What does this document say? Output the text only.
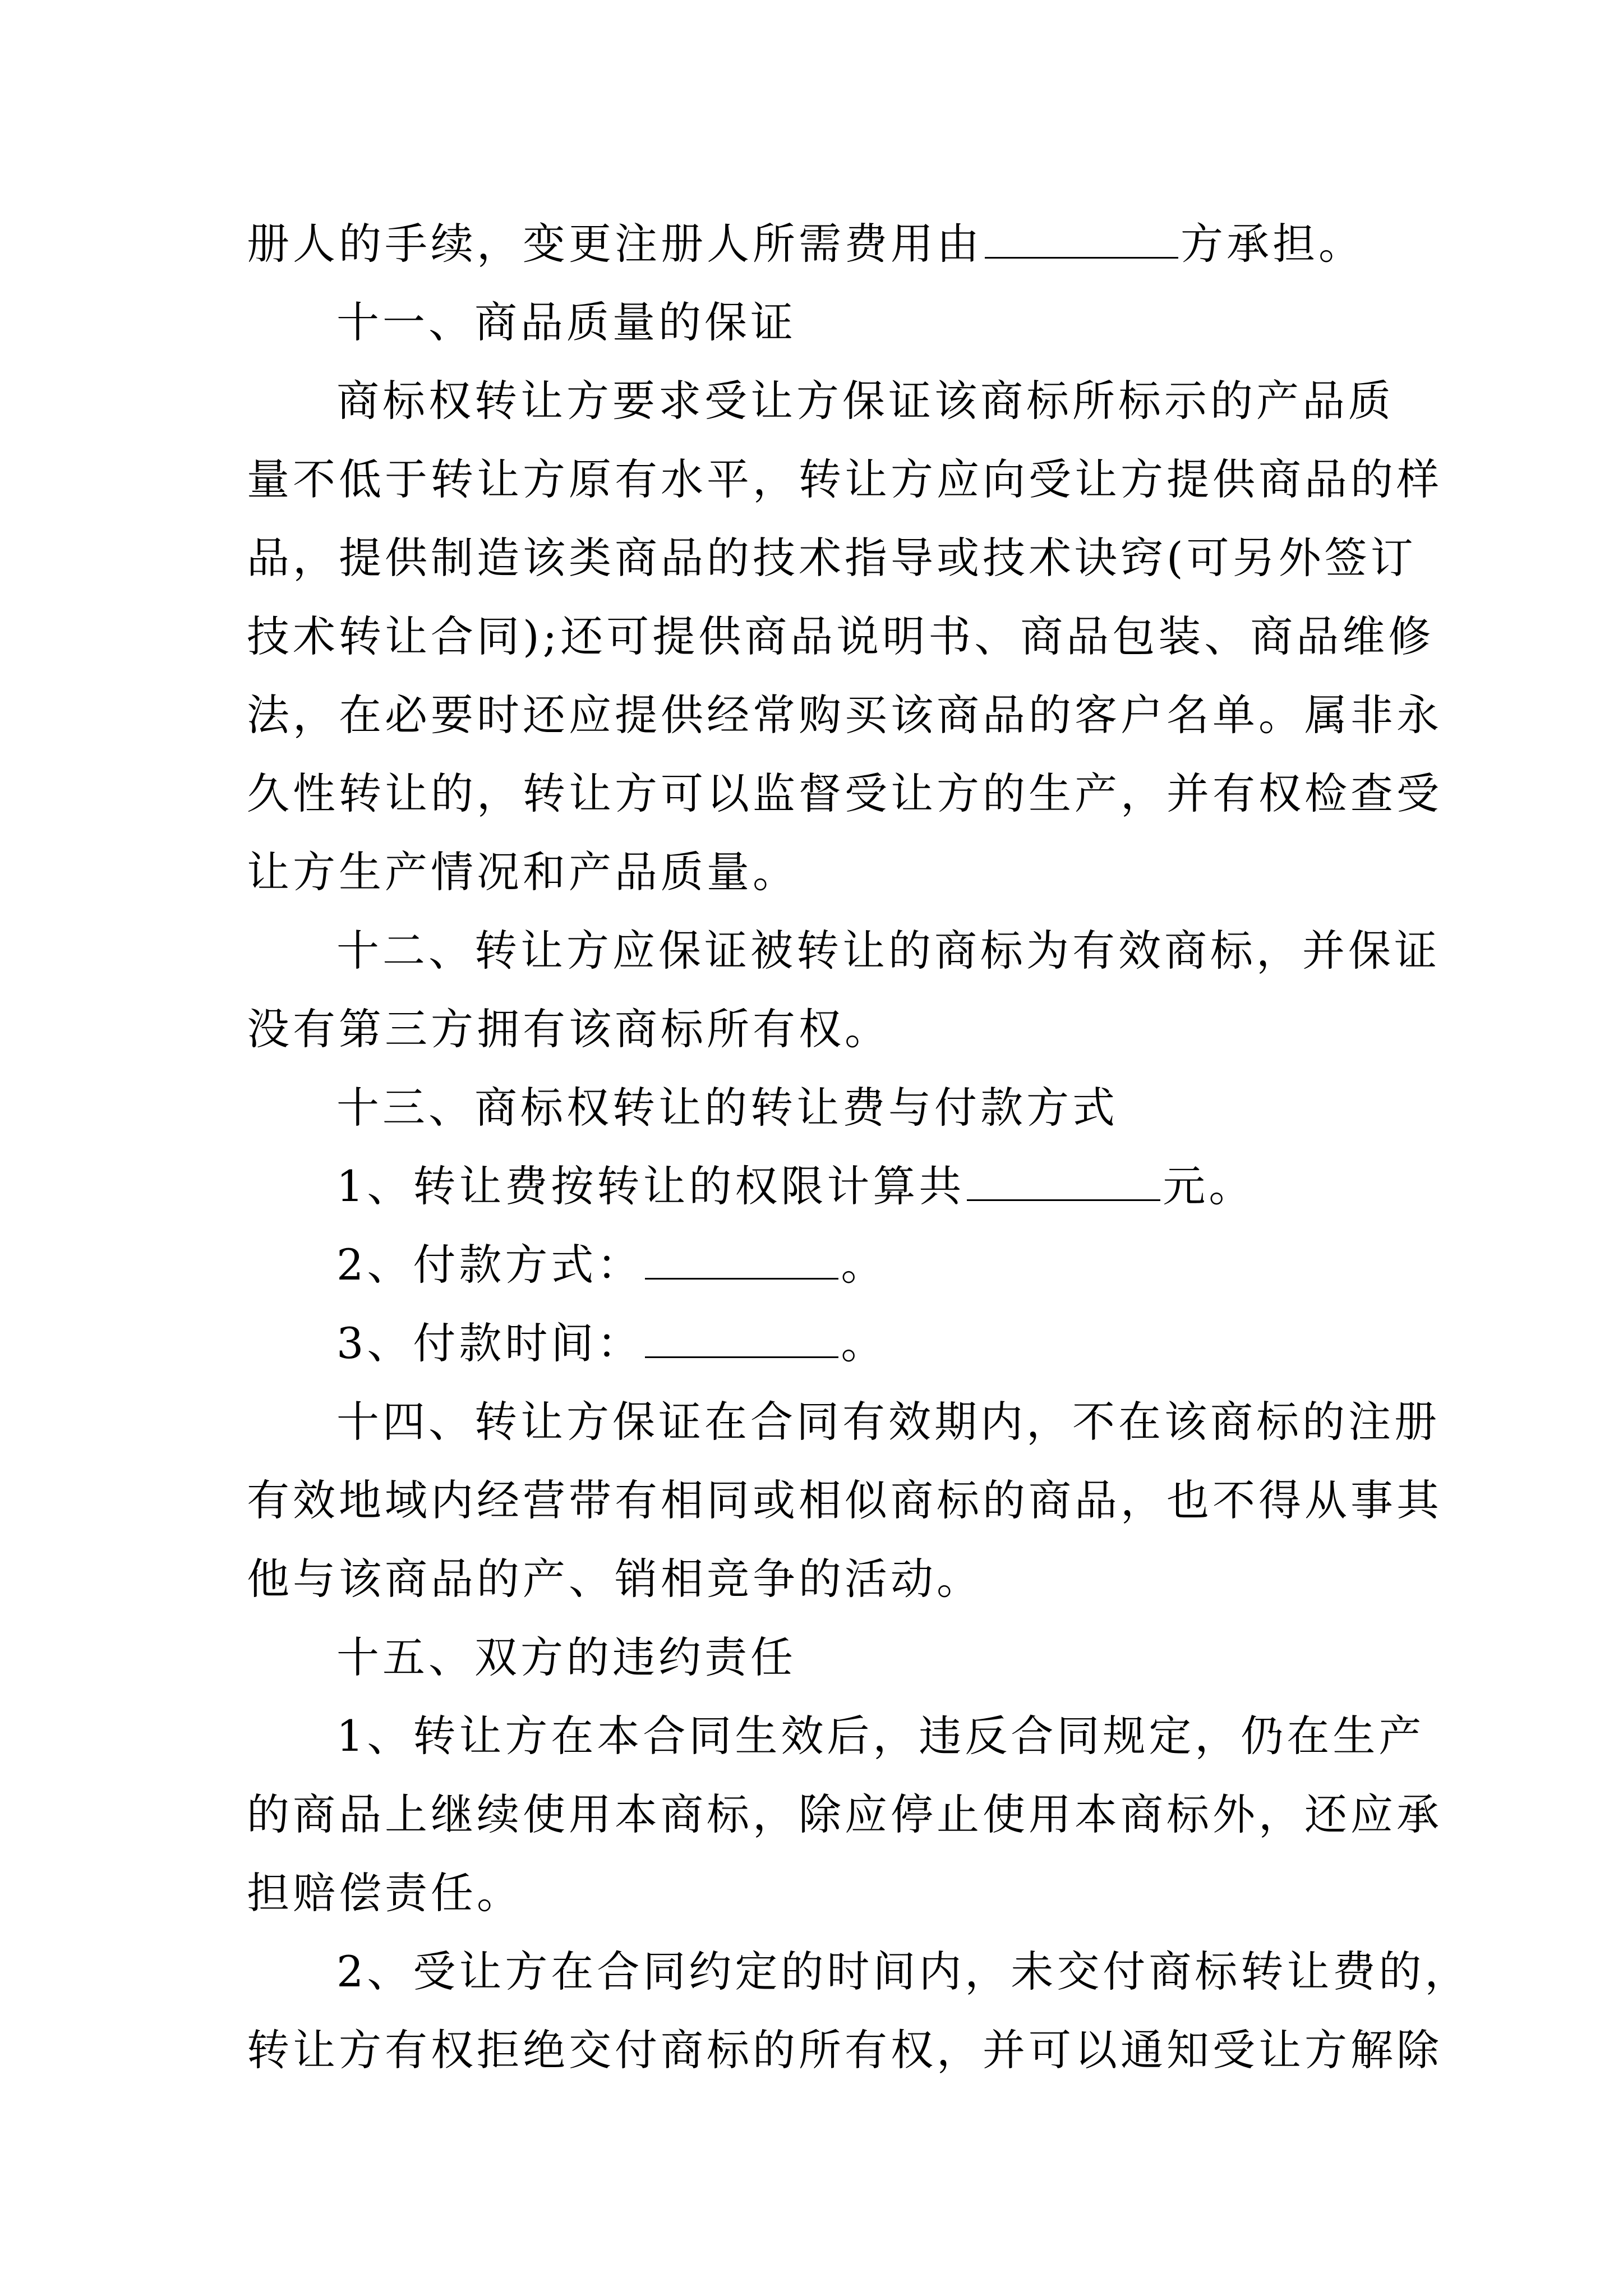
册人的手续，变更注册人所需费用由	方承担。
十一、商品质量的保证
商标权转让方要求受让方保证该商标所标示的产品质
量不低于转让方原有水平，转让方应向受让方提供商品的样
品，提供制造该类商品的技术指导或技术诀窍(可另外签订
技术转让合同);还可提供商品说明书、商品包装、商品维修
法，在必要时还应提供经常购买该商品的客户名单。属非永
久性转让的，转让方可以监督受让方的生产，并有权检查受
让方生产情况和产品质量。
十二、转让方应保证被转让的商标为有效商标，并保证
没有第三方拥有该商标所有权。
十三、商标权转让的转让费与付款方式
1、转让费按转让的权限计算共	元。
2、付款方式：	。
3、付款时间：	。
十四、转让方保证在合同有效期内，不在该商标的注册
有效地域内经营带有相同或相似商标的商品，也不得从事其
他与该商品的产、销相竞争的活动。
十五、双方的违约责任
1、转让方在本合同生效后，违反合同规定，仍在生产
的商品上继续使用本商标，除应停止使用本商标外，还应承
担赔偿责任。
2、受让方在合同约定的时间内，未交付商标转让费的，
转让方有权拒绝交付商标的所有权，并可以通知受让方解除
